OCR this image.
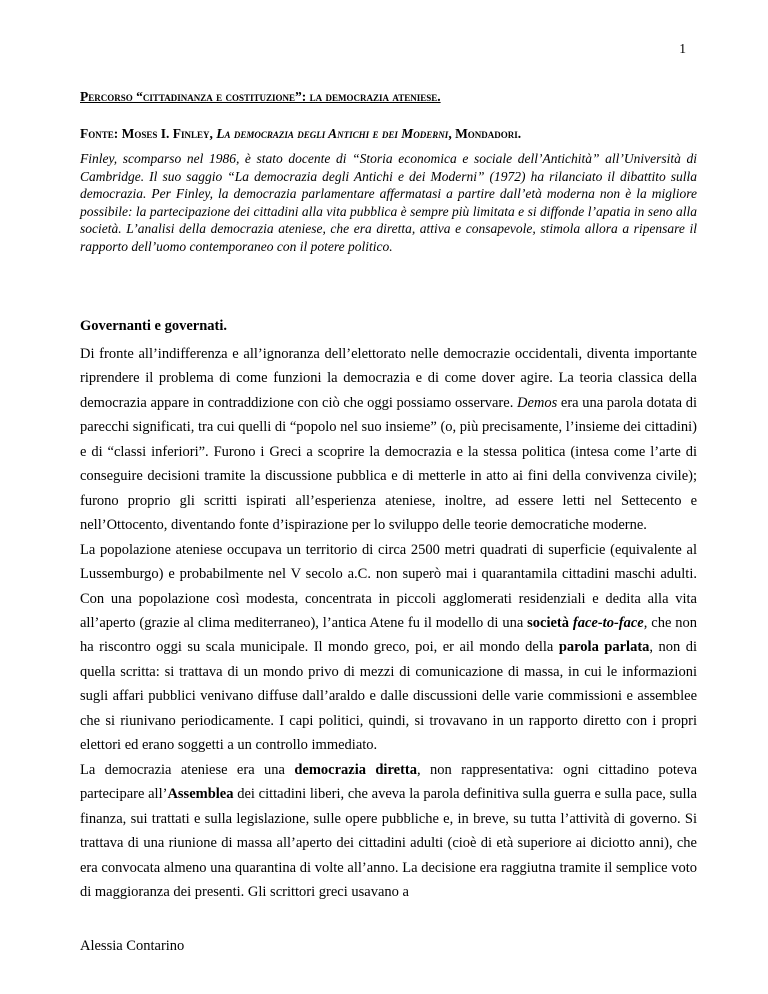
1
Percorso “cittadinanza e costituzione”: la democrazia ateniese.
Fonte: Moses I. Finley, La democrazia degli Antichi e dei Moderni, Mondadori.
Finley, scomparso nel 1986, è stato docente di “Storia economica e sociale dell’Antichità” all’Università di Cambridge. Il suo saggio “La democrazia degli Antichi e dei Moderni” (1972) ha rilanciato il dibattito sulla democrazia. Per Finley, la democrazia parlamentare affermatasi a partire dall’età moderna non è la migliore possibile: la partecipazione dei cittadini alla vita pubblica è sempre più limitata e si diffonde l’apatia in seno alla società. L’analisi della democrazia ateniese, che era diretta, attiva e consapevole, stimola allora a ripensare il rapporto dell’uomo contemporaneo con il potere politico.
Governanti e governati.

Di fronte all’indifferenza e all’ignoranza dell’elettorato nelle democrazie occidentali, diventa importante riprendere il problema di come funzioni la democrazia e di come dover agire. La teoria classica della democrazia appare in contraddizione con ciò che oggi possiamo osservare. Demos era una parola dotata di parecchi significati, tra cui quelli di “popolo nel suo insieme” (o, più precisamente, l’insieme dei cittadini) e di “classi inferiori”. Furono i Greci a scoprire la democrazia e la stessa politica (intesa come l’arte di conseguire decisioni tramite la discussione pubblica e di metterle in atto ai fini della convivenza civile); furono proprio gli scritti ispirati all’esperienza ateniese, inoltre, ad essere letti nel Settecento e nell’Ottocento, diventando fonte d’ispirazione per lo sviluppo delle teorie democratiche moderne.

La popolazione ateniese occupava un territorio di circa 2500 metri quadrati di superficie (equivalente al Lussemburgo) e probabilmente nel V secolo a.C. non superò mai i quarantamila cittadini maschi adulti. Con una popolazione così modesta, concentrata in piccoli agglomerati residenziali e dedita alla vita all’aperto (grazie al clima mediterraneo), l’antica Atene fu il modello di una società face-to-face, che non ha riscontro oggi su scala municipale. Il mondo greco, poi, er ail mondo della parola parlata, non di quella scritta: si trattava di un mondo privo di mezzi di comunicazione di massa, in cui le informazioni sugli affari pubblici venivano diffuse dall’araldo e dalle discussioni delle varie commissioni e assemblee che si riunivano periodicamente. I capi politici, quindi, si trovavano in un rapporto diretto con i propri elettori ed erano soggetti a un controllo immediato.

La democrazia ateniese era una democrazia diretta, non rappresentativa: ogni cittadino poteva partecipare all’Assemblea dei cittadini liberi, che aveva la parola definitiva sulla guerra e sulla pace, sulla finanza, sui trattati e sulla legislazione, sulle opere pubbliche e, in breve, su tutta l’attività di governo. Si trattava di una riunione di massa all’aperto dei cittadini adulti (cioè di età superiore ai diciotto anni), che era convocata almeno una quarantina di volte all’anno. La decisione era raggiutna tramite il semplice voto di maggioranza dei presenti. Gli scrittori greci usavano a

Alessia Contarino
